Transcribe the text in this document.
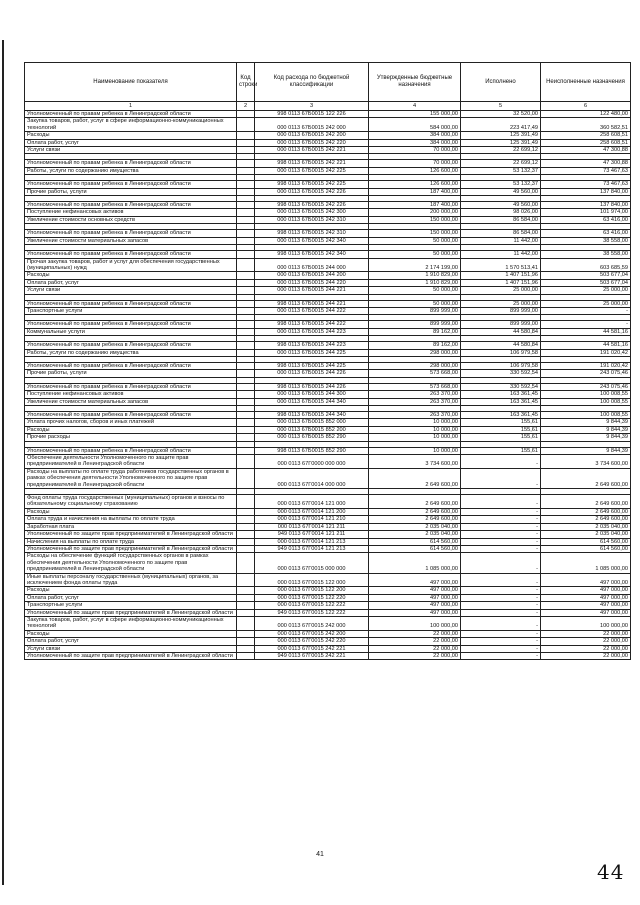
Наименование показателя	Код строки	Код расхода по бюджетной классификации	Утвержденные бюджетные назначения	Исполнено	Неисполненные назначения
1	2	3	4	5	6
Уполномоченный по правам ребенка в Ленинградской области		998 0113 67Б0015 122 226	155 000,00	32 520,00	122 480,00
Закупка товаров, работ, услуг в сфере информационно-коммуникационных технологий		000 0113 67Б0015 242 000	584 000,00	223 417,49	360 582,51
Расходы		000 0113 67Б0015 242 200	384 000,00	125 391,49	258 608,51
Оплата работ, услуг		000 0113 67Б0015 242 220	384 000,00	125 391,49	258 608,51
Услуги связи		000 0113 67Б0015 242 221	70 000,00	22 699,12	47 300,88

Уполномоченный по правам ребенка в Ленинградской области		998 0113 67Б0015 242 221	70 000,00	22 699,12	47 300,88
Работы, услуги по содержанию имущества		000 0113 67Б0015 242 225	126 600,00	53 132,37	73 467,63

Уполномоченный по правам ребенка в Ленинградской области		998 0113 67Б0015 242 225	126 600,00	53 132,37	73 467,63
Прочие работы, услуги		000 0113 67Б0015 242 226	187 400,00	49 560,00	137 840,00

Уполномоченный по правам ребенка в Ленинградской области		998 0113 67Б0015 242 226	187 400,00	49 560,00	137 840,00
Поступление нефинансовых активов		000 0113 67Б0015 242 300	200 000,00	98 026,00	101 974,00
Увеличение стоимости основных средств		000 0113 67Б0015 242 310	150 000,00	86 584,00	63 416,00

Уполномоченный по правам ребенка в Ленинградской области		998 0113 67Б0015 242 310	150 000,00	86 584,00	63 416,00
Увеличение стоимости материальных запасов		000 0113 67Б0015 242 340	50 000,00	11 442,00	38 558,00

Уполномоченный по правам ребенка в Ленинградской области		998 0113 67Б0015 242 340	50 000,00	11 442,00	38 558,00
Прочая закупка товаров, работ и услуг для обеспечения государственных (муниципальных) нужд		000 0113 67Б0015 244 000	2 174 199,00	1 570 513,41	603 685,59
Расходы		000 0113 67Б0015 244 200	1 910 829,00	1 407 151,96	503 677,04
Оплата работ, услуг		000 0113 67Б0015 244 220	1 910 829,00	1 407 151,96	503 677,04
Услуги связи		000 0113 67Б0015 244 221	50 000,00	25 000,00	25 000,00

Уполномоченный по правам ребенка в Ленинградской области		998 0113 67Б0015 244 221	50 000,00	25 000,00	25 000,00
Транспортные услуги		000 0113 67Б0015 244 222	899 999,00	899 999,00	-

Уполномоченный по правам ребенка в Ленинградской области		998 0113 67Б0015 244 222	899 999,00	899 999,00	-
Коммунальные услуги		000 0113 67Б0015 244 223	89 162,00	44 580,84	44 581,16

Уполномоченный по правам ребенка в Ленинградской области		998 0113 67Б0015 244 223	89 162,00	44 580,84	44 581,16
Работы, услуги по содержанию имущества		000 0113 67Б0015 244 225	298 000,00	106 979,58	191 020,42

Уполномоченный по правам ребенка в Ленинградской области		998 0113 67Б0015 244 225	298 000,00	106 979,58	191 020,42
Прочие работы, услуги		000 0113 67Б0015 244 226	573 668,00	330 592,54	243 075,46

Уполномоченный по правам ребенка в Ленинградской области		998 0113 67Б0015 244 226	573 668,00	330 592,54	243 075,46
Поступление нефинансовых активов		000 0113 67Б0015 244 300	263 370,00	163 361,45	100 008,55
Увеличение стоимости материальных запасов		000 0113 67Б0015 244 340	263 370,00	163 361,45	100 008,55

Уполномоченный по правам ребенка в Ленинградской области		998 0113 67Б0015 244 340	263 370,00	163 361,45	100 008,55
Уплата прочих налогов, сборов и иных платежей		000 0113 67Б0015 852 000	10 000,00	155,61	9 844,39
Расходы		000 0113 67Б0015 852 200	10 000,00	155,61	9 844,39
Прочие расходы		000 0113 67Б0015 852 290	10 000,00	155,61	9 844,39

Уполномоченный по правам ребенка в Ленинградской области		998 0113 67Б0015 852 290	10 000,00	155,61	9 844,39
Обеспечение деятельности Уполномоченного по защите прав предпринимателей в Ленинградской области		000 0113 67Г0000 000 000	3 734 600,00	-	3 734 600,00
Расходы на выплаты по оплате труда работников государственных органов в рамках обеспечения деятельности Уполномоченного по защите прав предпринимателей в Ленинградской области		000 0113 67Г0014 000 000	2 649 600,00	-	2 649 600,00

Фонд оплаты труда государственных (муниципальных) органов и взносы по обязательному социальному страхованию		000 0113 67Г0014 121 000	2 649 600,00	-	2 649 600,00
Расходы		000 0113 67Г0014 121 200	2 649 600,00	-	2 649 600,00
Оплата труда и начисления на выплаты по оплате труда		000 0113 67Г0014 121 210	2 649 600,00	-	2 649 600,00
Заработная плата		000 0113 67Г0014 121 211	2 035 040,00	-	2 035 040,00
Уполномоченный по защите прав предпринимателей в Ленинградской области		949 0113 67Г0014 121 211	2 035 040,00	-	2 035 040,00
Начисления на выплаты по оплате труда		000 0113 67Г0014 121 213	614 560,00	-	614 560,00
Уполномоченный по защите прав предпринимателей в Ленинградской области		949 0113 67Г0014 121 213	614 560,00	-	614 560,00
Расходы на обеспечение функций государственных органов в рамках обеспечения деятельности Уполномоченного по защите прав предпринимателей в Ленинградской области		000 0113 67Г0015 000 000	1 085 000,00	-	1 085 000,00
Иные выплаты персоналу государственных (муниципальных) органов, за исключением фонда оплаты труда		000 0113 67Г0015 122 000	497 000,00	-	497 000,00
Расходы		000 0113 67Г0015 122 200	497 000,00	-	497 000,00
Оплата работ, услуг		000 0113 67Г0015 122 220	497 000,00	-	497 000,00
Транспортные услуги		000 0113 67Г0015 122 222	497 000,00	-	497 000,00
Уполномоченный по защите прав предпринимателей в Ленинградской области		949 0113 67Г0015 122 222	497 000,00	-	497 000,00
Закупка товаров, работ, услуг в сфере информационно-коммуникационных технологий		000 0113 67Г0015 242 000	100 000,00	-	100 000,00
Расходы		000 0113 67Г0015 242 200	22 000,00	-	22 000,00
Оплата работ, услуг		000 0113 67Г0015 242 220	22 000,00	-	22 000,00
Услуги связи		000 0113 67Г0015 242 221	22 000,00	-	22 000,00
Уполномоченный по защите прав предпринимателей в Ленинградской области		949 0113 67Г0015 242 221	22 000,00	-	22 000,00
41
44
